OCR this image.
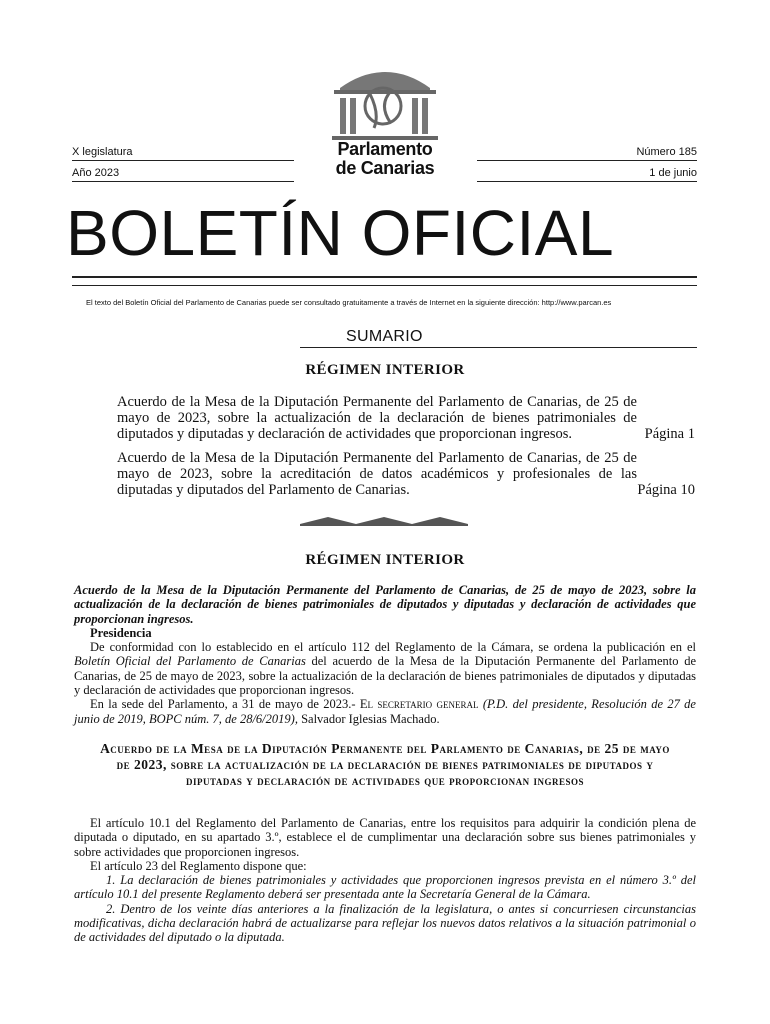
X legislatura
Año 2023
Número 185
1 de junio
Parlamento
de Canarias
BOLETÍN OFICIAL
El texto del Boletín Oficial del Parlamento de Canarias puede ser consultado gratuitamente a través de Internet en la siguiente dirección: http://www.parcan.es
SUMARIO
RÉGIMEN INTERIOR

Acuerdo de la Mesa de la Diputación Permanente del Parlamento de Canarias, de 25 de mayo de 2023, sobre la actualización de la declaración de bienes patrimoniales de diputados y diputadas y declaración de actividades que proporcionan ingresos.	Página 1

Acuerdo de la Mesa de la Diputación Permanente del Parlamento de Canarias, de 25 de mayo de 2023, sobre la acreditación de datos académicos y profesionales de las diputadas y diputados del Parlamento de Canarias.	Página 10
RÉGIMEN INTERIOR

Acuerdo de la Mesa de la Diputación Permanente del Parlamento de Canarias, de 25 de mayo de 2023, sobre la actualización de la declaración de bienes patrimoniales de diputados y diputadas y declaración de actividades que proporcionan ingresos.

Presidencia

De conformidad con lo establecido en el artículo 112 del Reglamento de la Cámara, se ordena la publicación en el Boletín Oficial del Parlamento de Canarias del acuerdo de la Mesa de la Diputación Permanente del Parlamento de Canarias, de 25 de mayo de 2023, sobre la actualización de la declaración de bienes patrimoniales de diputados y diputadas y declaración de actividades que proporcionan ingresos.

En la sede del Parlamento, a 31 de mayo de 2023.- El secretario general (P.D. del presidente, Resolución de 27 de junio de 2019, BOPC núm. 7, de 28/6/2019), Salvador Iglesias Machado.

Acuerdo de la Mesa de la Diputación Permanente del Parlamento de Canarias, de 25 de mayo de 2023, sobre la actualización de la declaración de bienes patrimoniales de diputados y diputadas y declaración de actividades que proporcionan ingresos

El artículo 10.1 del Reglamento del Parlamento de Canarias, entre los requisitos para adquirir la condición plena de diputada o diputado, en su apartado 3.º, establece el de cumplimentar una declaración sobre sus bienes patrimoniales y sobre actividades que proporcionen ingresos.

El artículo 23 del Reglamento dispone que:

1. La declaración de bienes patrimoniales y actividades que proporcionen ingresos prevista en el número 3.º del artículo 10.1 del presente Reglamento deberá ser presentada ante la Secretaría General de la Cámara.

2. Dentro de los veinte días anteriores a la finalización de la legislatura, o antes si concurriesen circunstancias modificativas, dicha declaración habrá de actualizarse para reflejar los nuevos datos relativos a la situación patrimonial o de actividades del diputado o la diputada.
